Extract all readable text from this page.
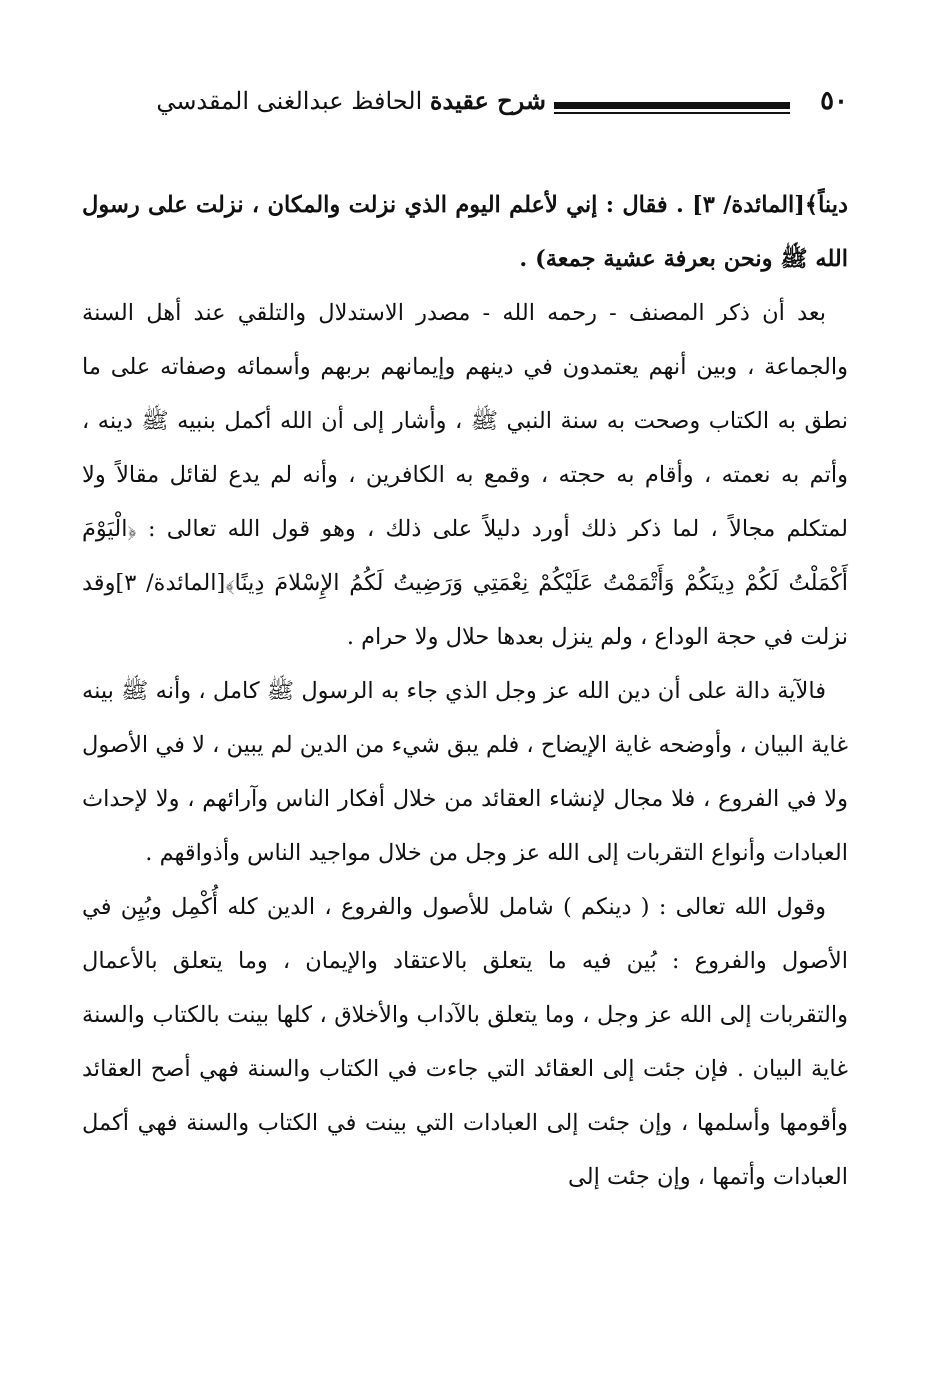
٥٠
شرح عقيدة الحافظ عبدالغنى المقدسي

ديناً﴾[المائدة/ ٣] . فقال : إني لأعلم اليوم الذي نزلت والمكان ، نزلت على رسول الله ﷺ ونحن بعرفة عشية جمعة) .

بعد أن ذكر المصنف - رحمه الله - مصدر الاستدلال والتلقي عند أهل السنة والجماعة ، وبين أنهم يعتمدون في دينهم وإيمانهم بربهم وأسمائه وصفاته على ما نطق به الكتاب وصحت به سنة النبي ﷺ ، وأشار إلى أن الله أكمل بنبيه ﷺ دينه ، وأتم به نعمته ، وأقام به حجته ، وقمع به الكافرين ، وأنه لم يدع لقائل مقالاً ولا لمتكلم مجالاً ، لما ذكر ذلك أورد دليلاً على ذلك ، وهو قول الله تعالى : ﴿الْيَوْمَ أَكْمَلْتُ لَكُمْ دِينَكُمْ وَأَتْمَمْتُ عَلَيْكُمْ نِعْمَتِي وَرَضِيتُ لَكُمُ الإِسْلامَ دِينًا﴾[المائدة/ ٣]وقد نزلت في حجة الوداع ، ولم ينزل بعدها حلال ولا حرام .

فالآية دالة على أن دين الله عز وجل الذي جاء به الرسول ﷺ كامل ، وأنه ﷺ بينه غاية البيان ، وأوضحه غاية الإيضاح ، فلم يبق شيء من الدين لم يبين ، لا في الأصول ولا في الفروع ، فلا مجال لإنشاء العقائد من خلال أفكار الناس وآرائهم ، ولا لإحداث العبادات وأنواع التقربات إلى الله عز وجل من خلال مواجيد الناس وأذواقهم .

وقول الله تعالى : ( دينكم ) شامل للأصول والفروع ، الدين كله أُكْمِل وبُيِن في الأصول والفروع : بُين فيه ما يتعلق بالاعتقاد والإيمان ، وما يتعلق بالأعمال والتقربات إلى الله عز وجل ، وما يتعلق بالآداب والأخلاق ، كلها بينت بالكتاب والسنة غاية البيان . فإن جئت إلى العقائد التي جاءت في الكتاب والسنة فهي أصح العقائد وأقومها وأسلمها ، وإن جئت إلى العبادات التي بينت في الكتاب والسنة فهي أكمل العبادات وأتمها ، وإن جئت إلى
